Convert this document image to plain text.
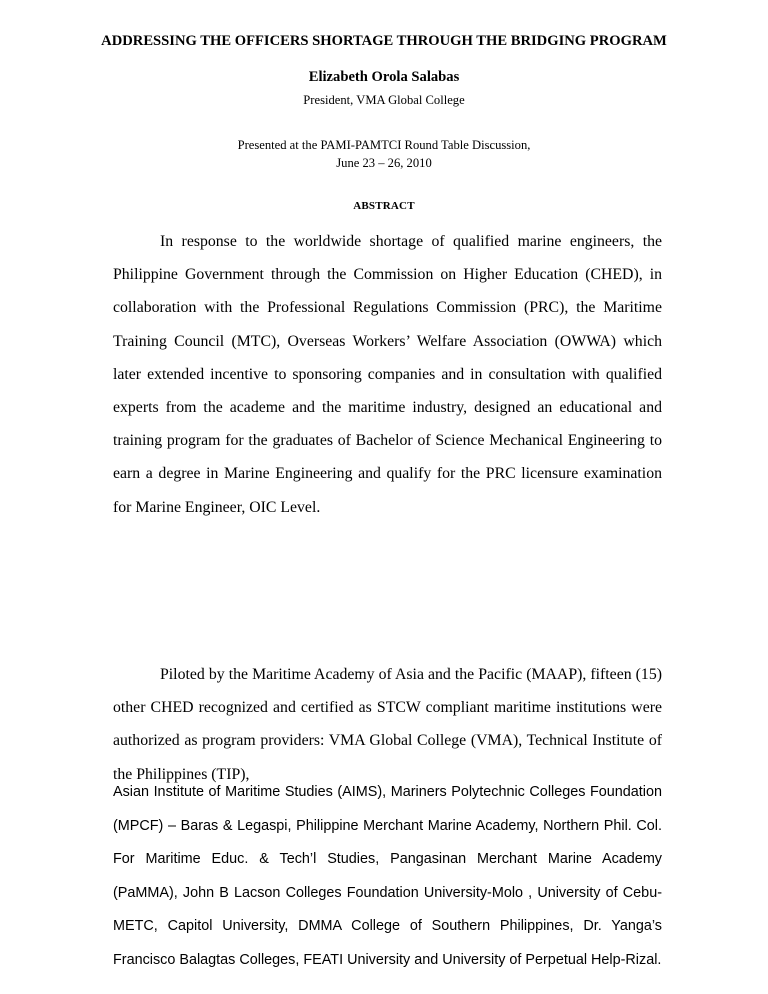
ADDRESSING THE OFFICERS SHORTAGE THROUGH THE BRIDGING PROGRAM
Elizabeth Orola Salabas
President, VMA Global College
Presented at the PAMI-PAMTCI Round Table Discussion,
June 23 – 26, 2010
ABSTRACT

In response to the worldwide shortage of qualified marine engineers, the Philippine Government through the Commission on Higher Education (CHED), in collaboration with the Professional Regulations Commission (PRC), the Maritime Training Council (MTC), Overseas Workers’ Welfare Association (OWWA) which later extended incentive to sponsoring companies and in consultation with qualified experts from the academe and the maritime industry, designed an educational and training program for the graduates of Bachelor of Science Mechanical Engineering to earn a degree in Marine Engineering and qualify for the PRC licensure examination for Marine Engineer, OIC Level.

Piloted by the Maritime Academy of Asia and the Pacific (MAAP), fifteen (15) other CHED recognized and certified as STCW compliant maritime institutions were authorized as program providers: VMA Global College (VMA), Technical Institute of the Philippines (TIP),

Asian Institute of Maritime Studies (AIMS), Mariners Polytechnic Colleges Foundation (MPCF) – Baras & Legaspi, Philippine Merchant Marine Academy, Northern Phil. Col. For Maritime Educ. & Tech’l Studies, Pangasinan Merchant Marine Academy (PaMMA), John B Lacson Colleges Foundation University-Molo , University of Cebu-METC, Capitol University, DMMA College of Southern Philippines, Dr. Yanga’s Francisco Balagtas Colleges, FEATI University and University of Perpetual Help-Rizal.
